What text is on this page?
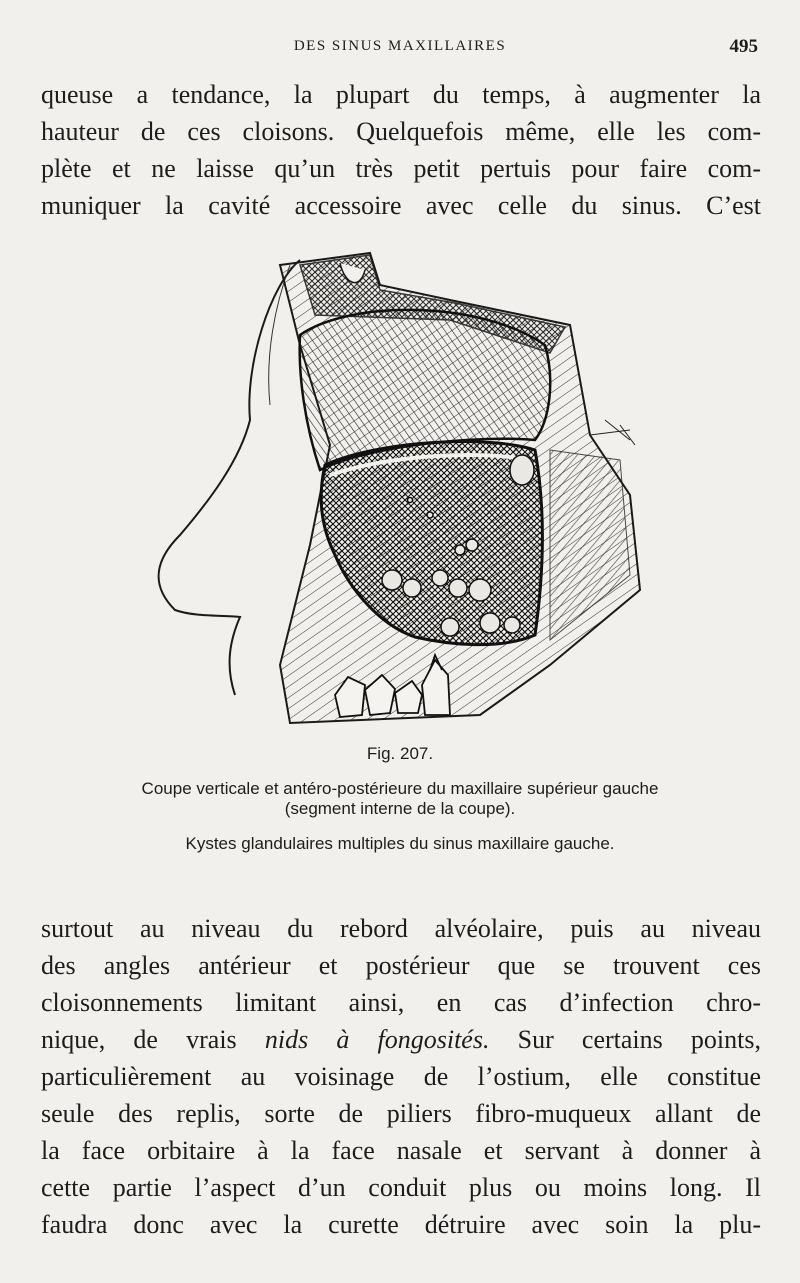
DES SINUS MAXILLAIRES	495
queuse a tendance, la plupart du temps, à augmenter la
hauteur de ces cloisons. Quelquefois même, elle les com-
plète et ne laisse qu’un très petit pertuis pour faire com-
muniquer la cavité accessoire avec celle du sinus. C’est
Fig. 207.
Coupe verticale et antéro-postérieure du maxillaire supérieur gauche
(segment interne de la coupe).
Kystes glandulaires multiples du sinus maxillaire gauche.
surtout au niveau du rebord alvéolaire, puis au niveau
des angles antérieur et postérieur que se trouvent ces
cloisonnements limitant ainsi, en cas d’infection chro-
nique, de vrais nids à fongosités. Sur certains points,
particulièrement au voisinage de l’ostium, elle constitue
seule des replis, sorte de piliers fibro-muqueux allant de
la face orbitaire à la face nasale et servant à donner à
cette partie l’aspect d’un conduit plus ou moins long. Il
faudra donc avec la curette détruire avec soin la plu-
